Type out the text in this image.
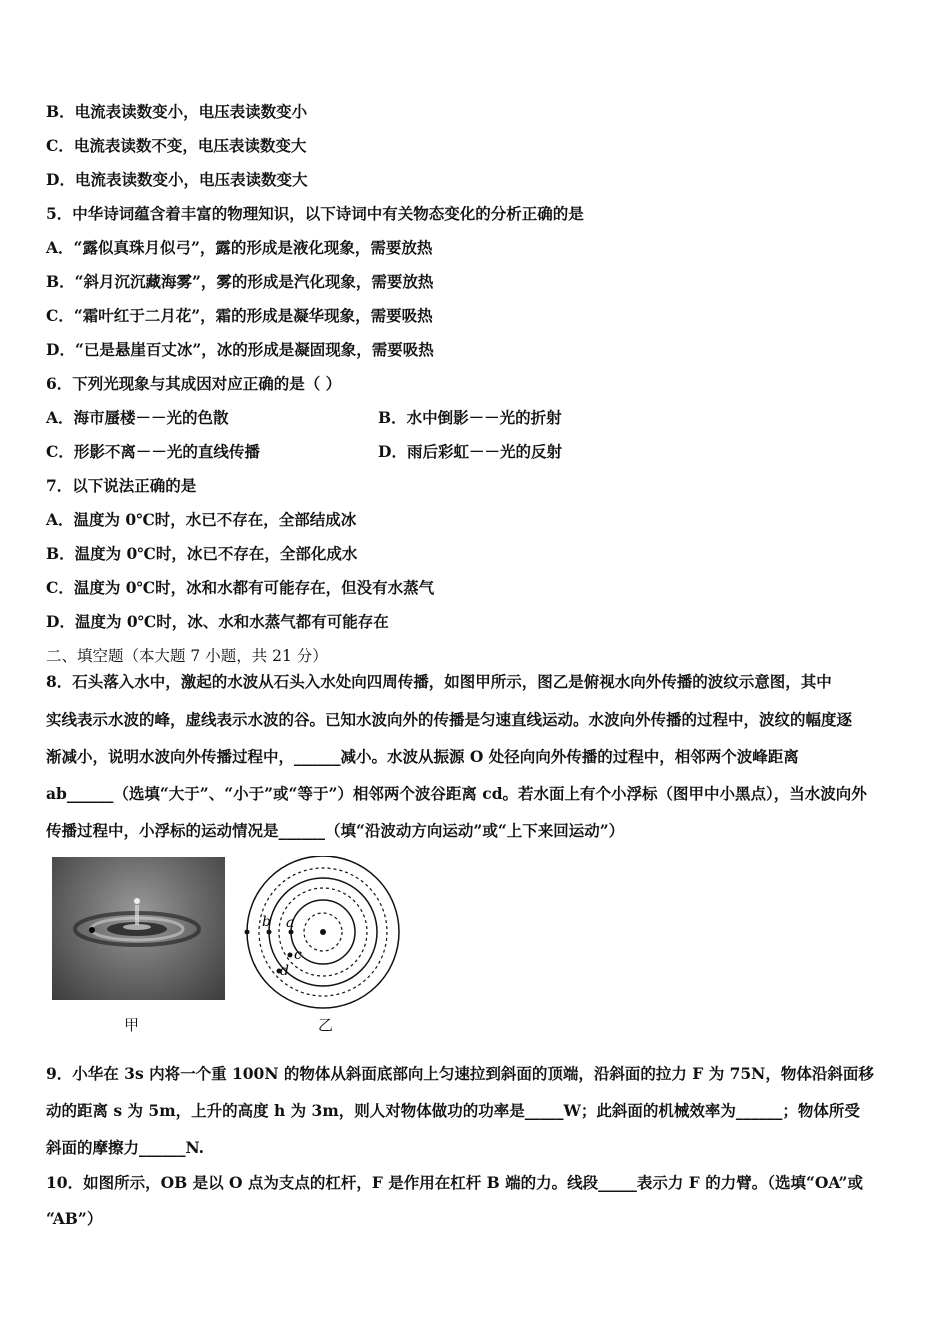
B．电流表读数变小，电压表读数变小
C．电流表读数不变，电压表读数变大
D．电流表读数变小，电压表读数变大
5．中华诗词蕴含着丰富的物理知识，以下诗词中有关物态变化的分析正确的是
A．“露似真珠月似弓”，露的形成是液化现象，需要放热
B．“斜月沉沉藏海雾”，雾的形成是汽化现象，需要放热
C．“霜叶红于二月花”，霜的形成是凝华现象，需要吸热
D．“已是悬崖百丈冰”，冰的形成是凝固现象，需要吸热
6．下列光现象与其成因对应正确的是（ ）
A．海市蜃楼－－光的色散	B．水中倒影－－光的折射
C．形影不离－－光的直线传播	D．雨后彩虹－－光的反射
7．以下说法正确的是
A．温度为 0℃时，水已不存在，全部结成冰
B．温度为 0℃时，冰已不存在，全部化成水
C．温度为 0℃时，冰和水都有可能存在，但没有水蒸气
D．温度为 0℃时，冰、水和水蒸气都有可能存在
二、填空题（本大题 7 小题，共 21 分）
8．石头落入水中，激起的水波从石头入水处向四周传播，如图甲所示，图乙是俯视水向外传播的波纹示意图，其中
实线表示水波的峰，虚线表示水波的谷。已知水波向外的传播是匀速直线运动。水波向外传播的过程中，波纹的幅度逐
渐减小，说明水波向外传播过程中，______减小。水波从振源 O 处径向向外传播的过程中，相邻两个波峰距离
ab______（选填“大于”、“小于”或“等于”）相邻两个波谷距离 cd。若水面上有个小浮标（图甲中小黑点），当水波向外
传播过程中，小浮标的运动情况是______（填“沿波动方向运动”或“上下来回运动”）
甲
b a
c
d
乙
9．小华在 3s 内将一个重 100N 的物体从斜面底部向上匀速拉到斜面的顶端，沿斜面的拉力 F 为 75N，物体沿斜面移
动的距离 s 为 5m，上升的高度 h 为 3m，则人对物体做功的功率是_____W；此斜面的机械效率为______；物体所受
斜面的摩擦力______N.
10．如图所示，OB 是以 O 点为支点的杠杆，F 是作用在杠杆 B 端的力。线段_____表示力 F 的力臂。（选填“OA”或
“AB”）
